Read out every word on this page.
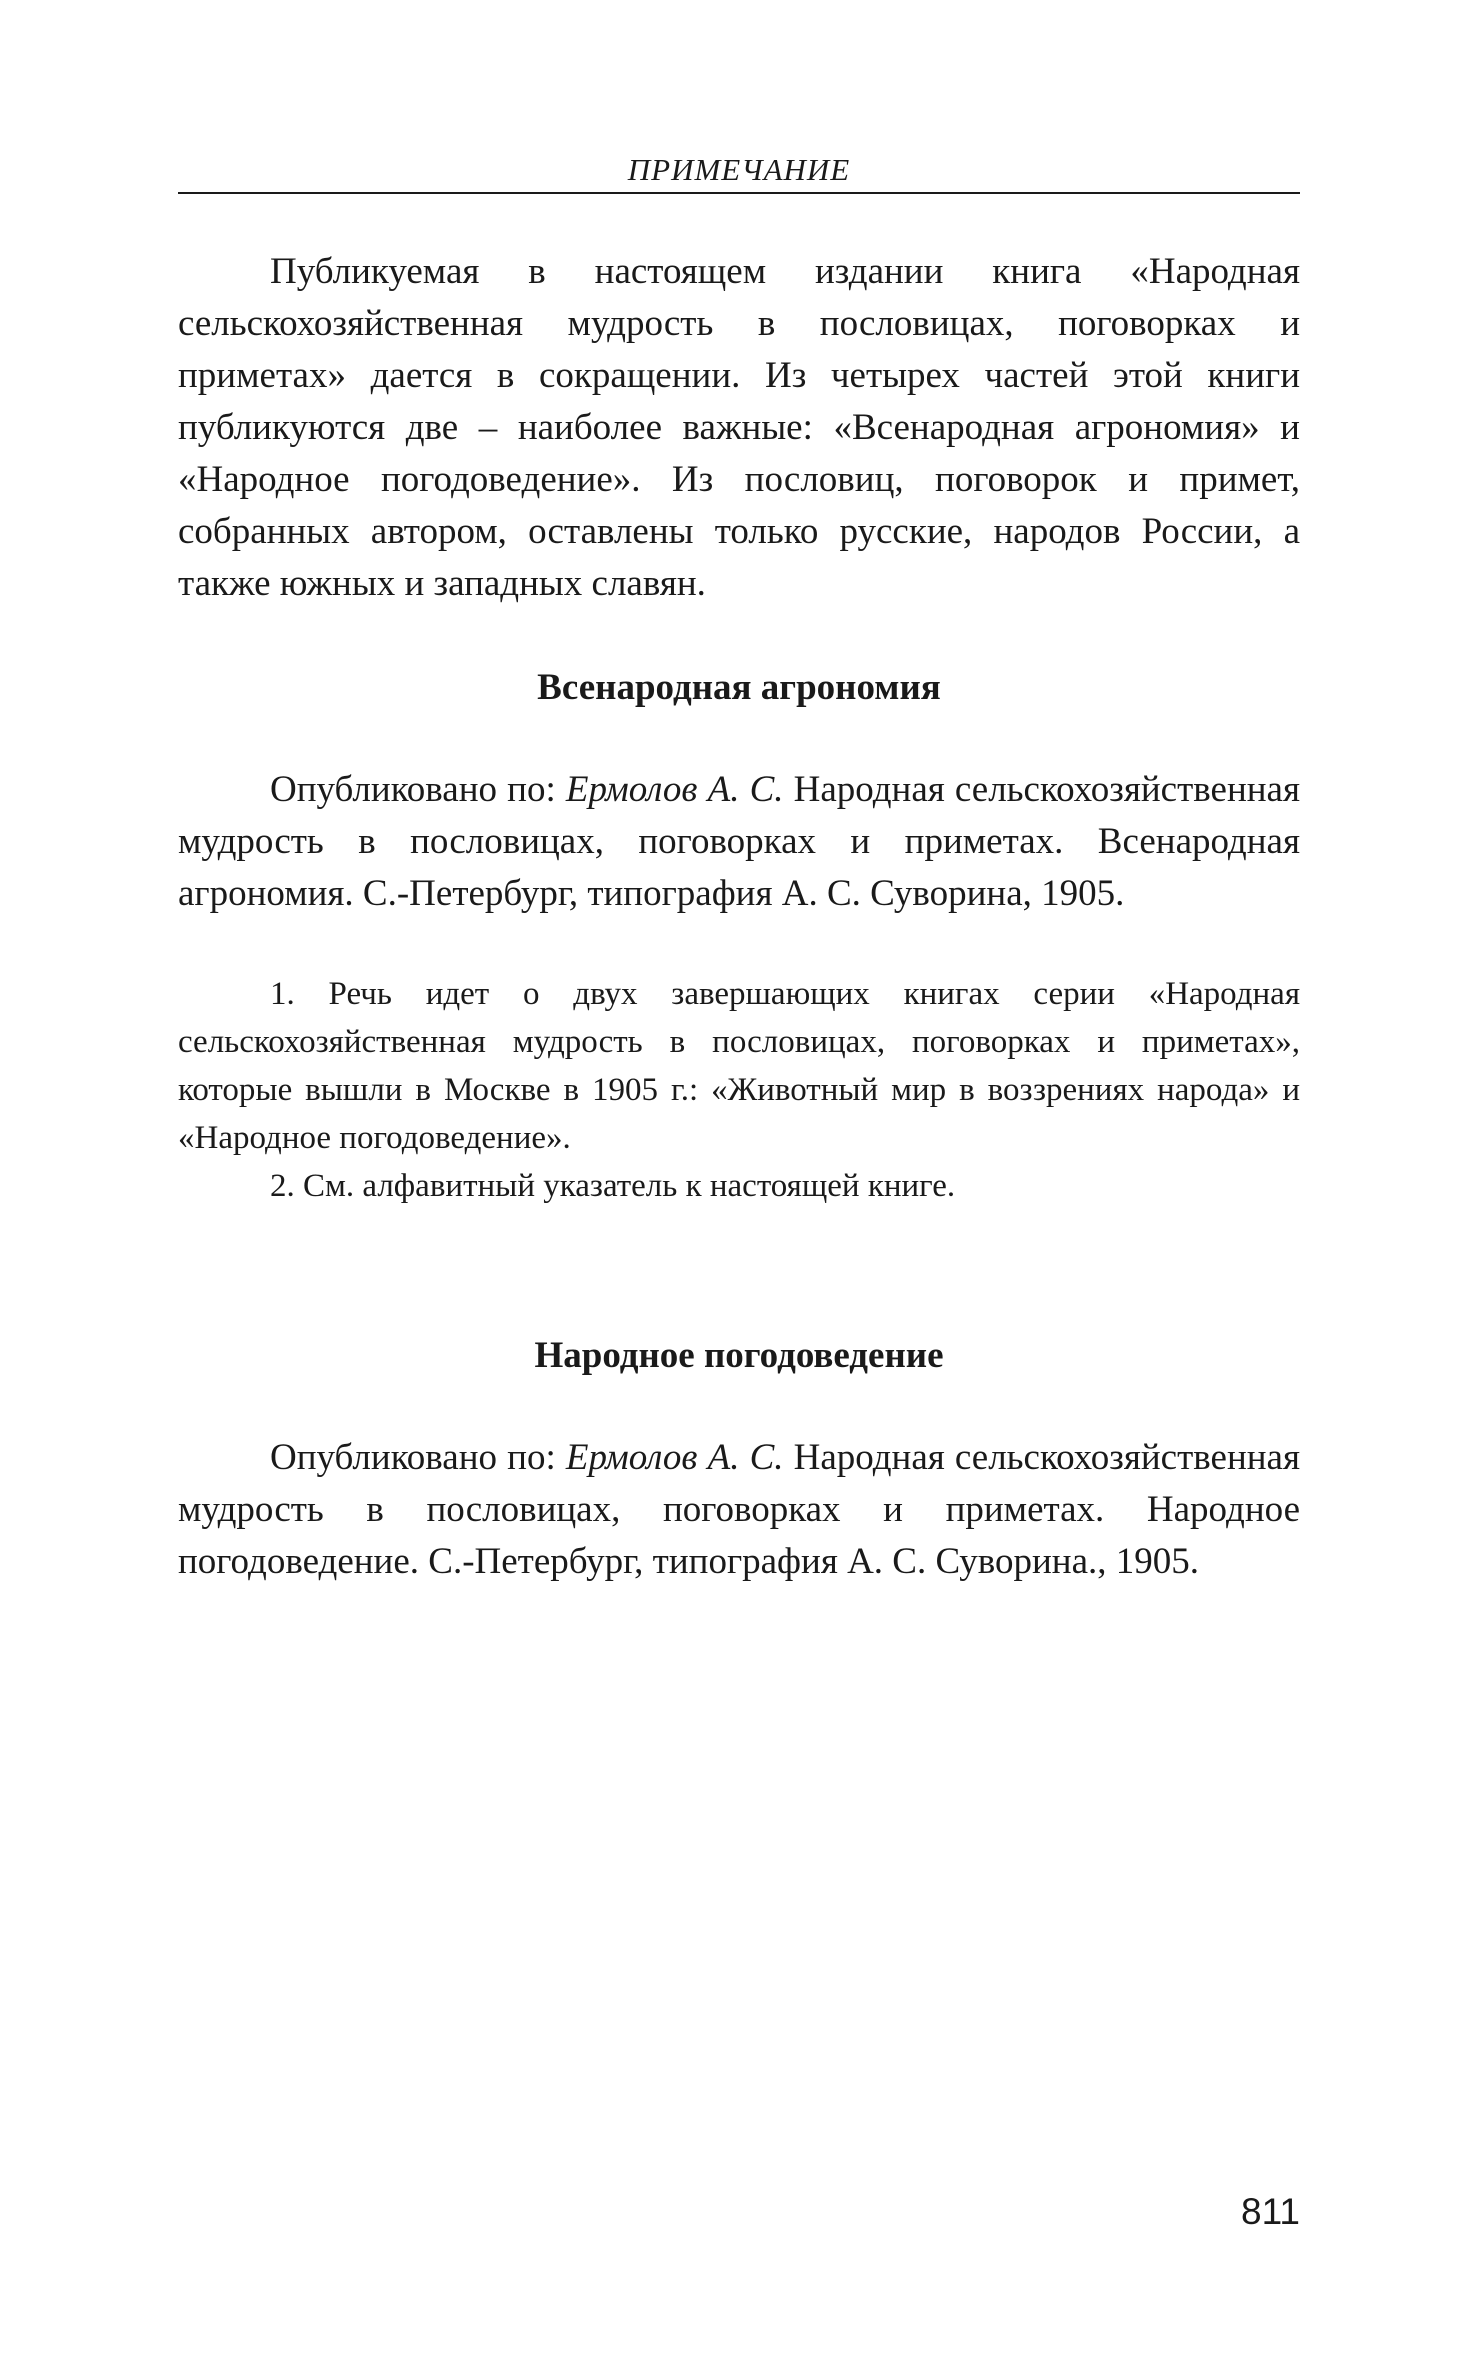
ПРИМЕЧАНИЕ

Публикуемая в настоящем издании книга «Народная сельскохозяйственная мудрость в пословицах, поговорках и приметах» дается в сокращении. Из четырех частей этой книги публикуются две – наиболее важные: «Всенародная агрономия» и «Народное погодоведение». Из пословиц, поговорок и примет, собранных автором, оставлены только русские, народов России, а также южных и западных славян.

Всенародная агрономия

Опубликовано по: Ермолов А. С. Народная сельскохозяйственная мудрость в пословицах, поговорках и приметах. Всенародная агрономия. С.-Петербург, типография А. С. Суворина, 1905.

1. Речь идет о двух завершающих книгах серии «Народная сельскохозяйственная мудрость в пословицах, поговорках и приметах», которые вышли в Москве в 1905 г.: «Животный мир в воззрениях народа» и «Народное погодоведение».

2. См. алфавитный указатель к настоящей книге.

Народное погодоведение

Опубликовано по: Ермолов А. С. Народная сельскохозяйственная мудрость в пословицах, поговорках и приметах. Народное погодоведение. С.-Петербург, типография А. С. Суворина., 1905.

811
